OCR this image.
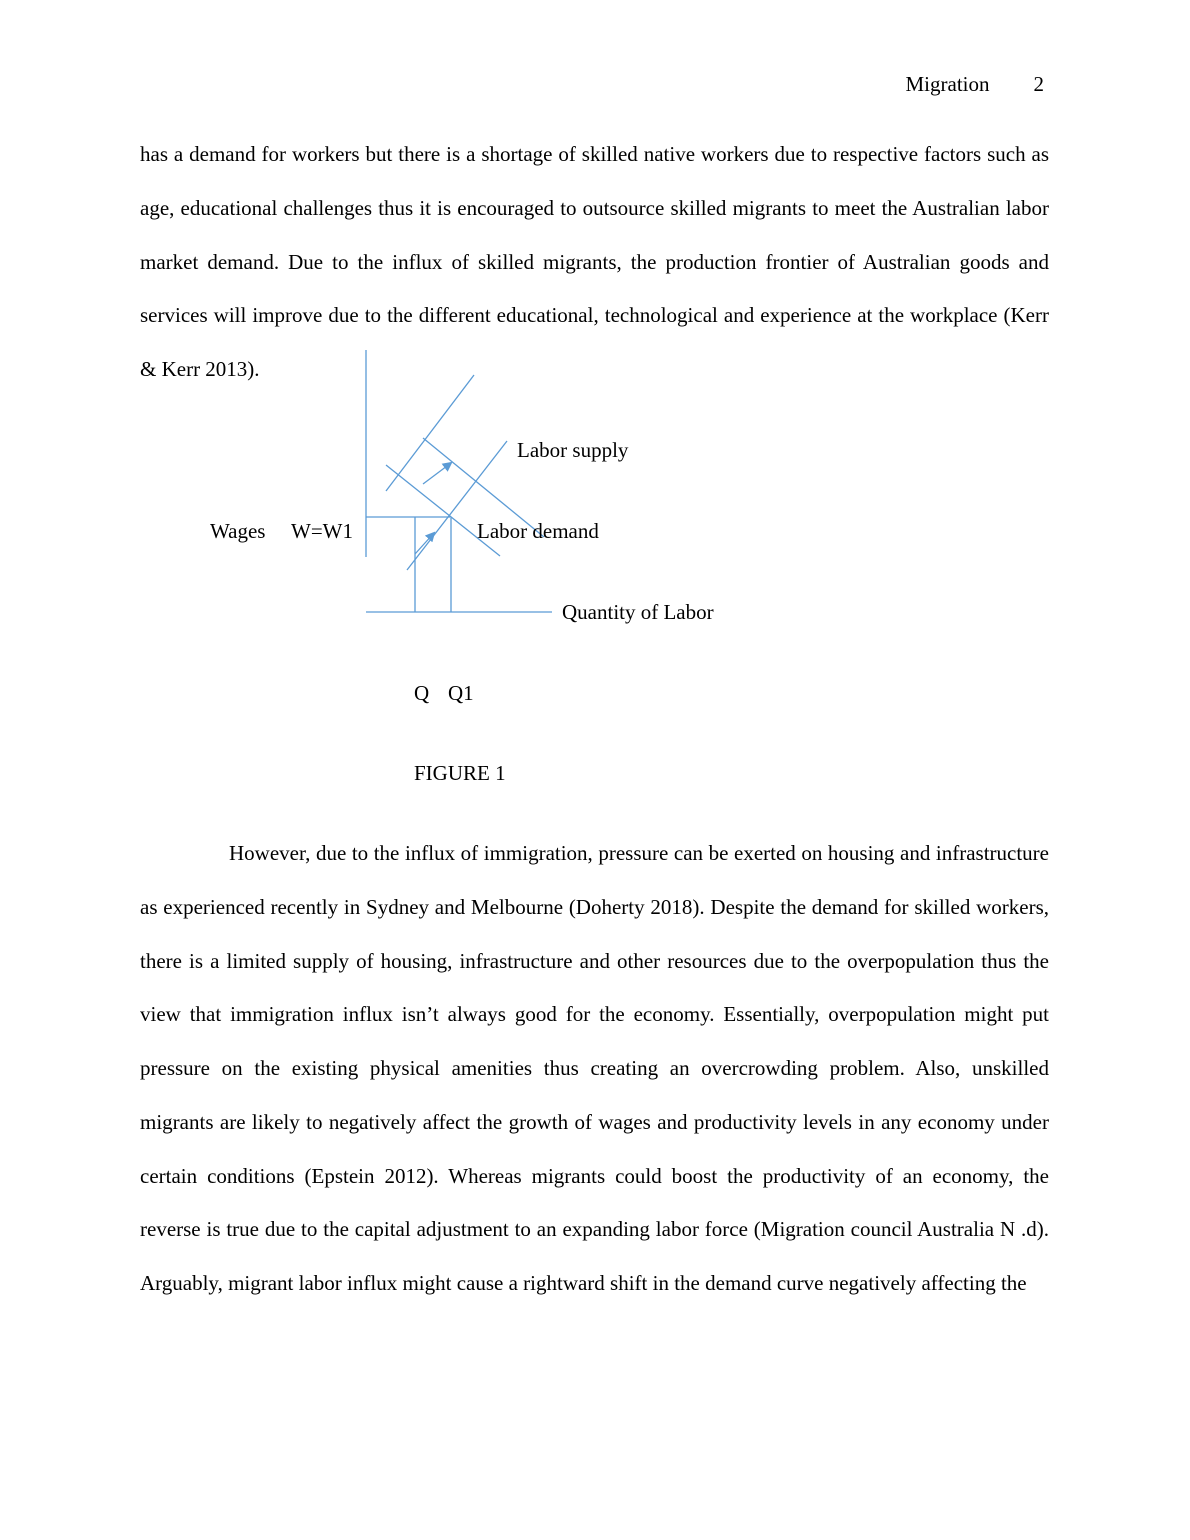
Migration 2

has a demand for workers but there is a shortage of skilled native workers due to respective factors such as age, educational challenges thus it is encouraged to outsource skilled migrants to meet the Australian labor market demand. Due to the influx of skilled migrants, the production frontier of Australian goods and services will improve due to the different educational, technological and experience at the workplace (Kerr & Kerr 2013).

Labor supply
Wages W=W1	Labor demand
Quantity of Labor
Q Q1
FIGURE 1

However, due to the influx of immigration, pressure can be exerted on housing and infrastructure as experienced recently in Sydney and Melbourne (Doherty 2018). Despite the demand for skilled workers, there is a limited supply of housing, infrastructure and other resources due to the overpopulation thus the view that immigration influx isn’t always good for the economy. Essentially, overpopulation might put pressure on the existing physical amenities thus creating an overcrowding problem. Also, unskilled migrants are likely to negatively affect the growth of wages and productivity levels in any economy under certain conditions (Epstein 2012). Whereas migrants could boost the productivity of an economy, the reverse is true due to the capital adjustment to an expanding labor force (Migration council Australia N .d). Arguably, migrant labor influx might cause a rightward shift in the demand curve negatively affecting the
